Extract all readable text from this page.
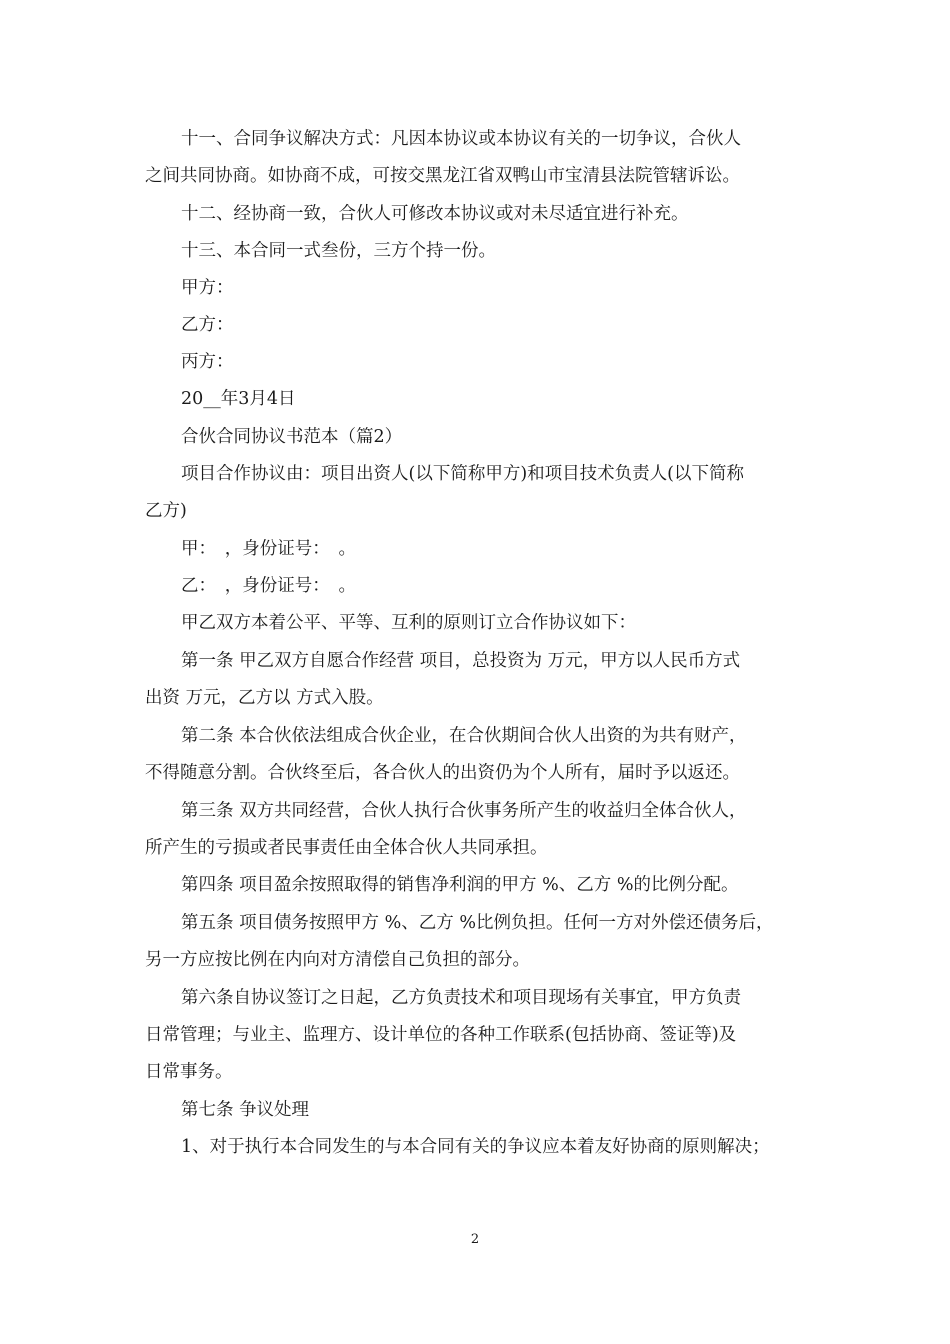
十一、合同争议解决方式：凡因本协议或本协议有关的一切争议，合伙人

之间共同协商。如协商不成，可按交黑龙江省双鸭山市宝清县法院管辖诉讼。

十二、经协商一致，合伙人可修改本协议或对未尽适宜进行补充。

十三、本合同一式叁份，三方个持一份。

甲方：

乙方：

丙方：

20__年3月4日

合伙合同协议书范本（篇2）

项目合作协议由：项目出资人(以下简称甲方)和项目技术负责人(以下简称

乙方)

甲：　，身份证号：　。

乙：　，身份证号：　。

甲乙双方本着公平、平等、互利的原则订立合作协议如下：

第一条 甲乙双方自愿合作经营 项目，总投资为 万元，甲方以人民币方式

出资 万元，乙方以 方式入股。

第二条 本合伙依法组成合伙企业，在合伙期间合伙人出资的为共有财产，

不得随意分割。合伙终至后，各合伙人的出资仍为个人所有，届时予以返还。

第三条 双方共同经营，合伙人执行合伙事务所产生的收益归全体合伙人，

所产生的亏损或者民事责任由全体合伙人共同承担。

第四条 项目盈余按照取得的销售净利润的甲方 %、乙方 %的比例分配。

第五条 项目债务按照甲方 %、乙方 %比例负担。任何一方对外偿还债务后，

另一方应按比例在内向对方清偿自己负担的部分。

第六条自协议签订之日起，乙方负责技术和项目现场有关事宜，甲方负责

日常管理；与业主、监理方、设计单位的各种工作联系(包括协商、签证等)及

日常事务。

第七条 争议处理

1、对于执行本合同发生的与本合同有关的争议应本着友好协商的原则解决；

2
